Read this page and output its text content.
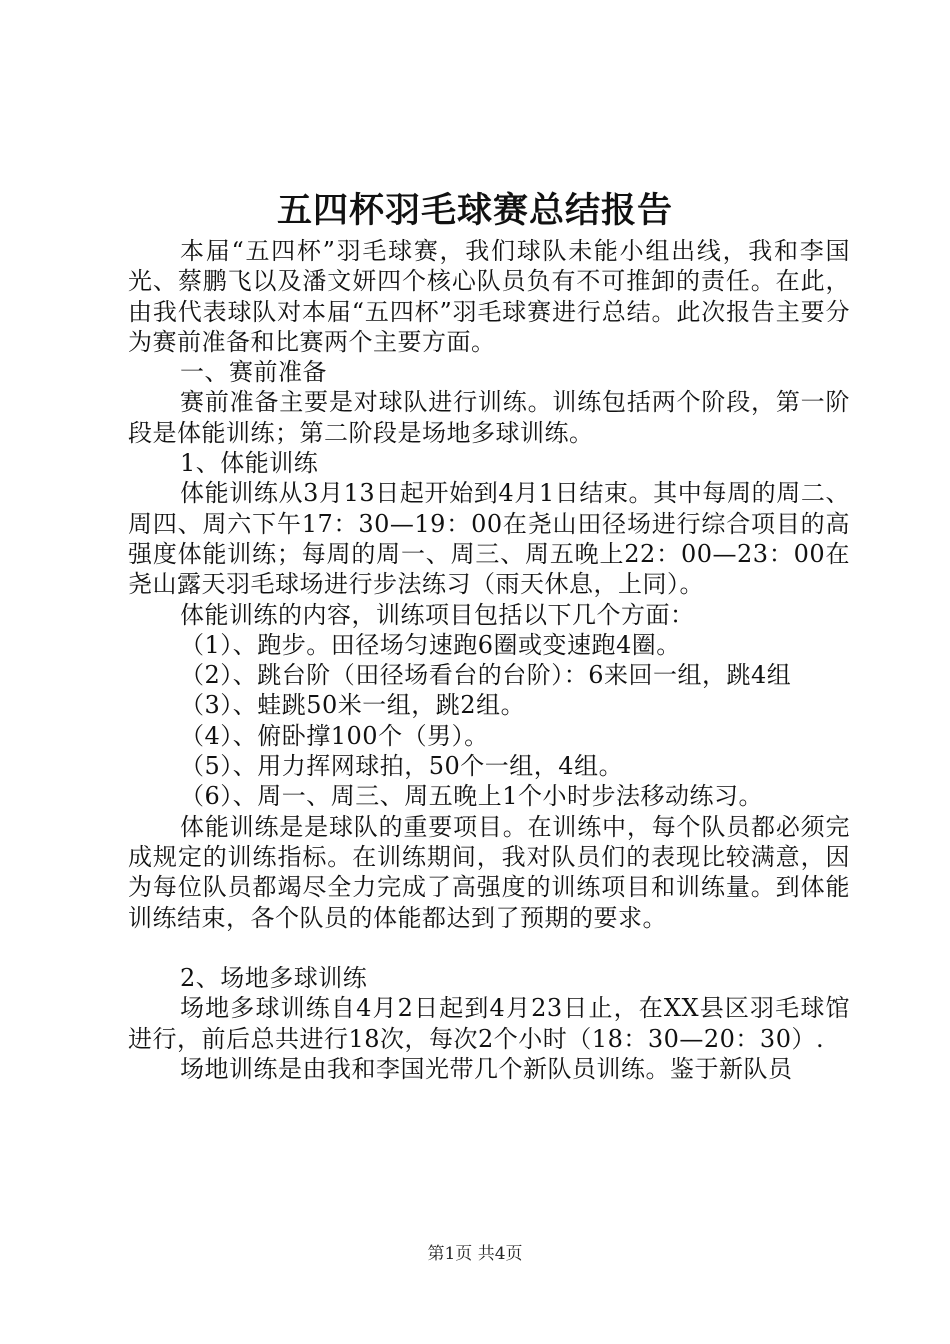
五四杯羽毛球赛总结报告

本届“五四杯”羽毛球赛，我们球队未能小组出线，我和李国光、蔡鹏飞以及潘文妍四个核心队员负有不可推卸的责任。在此，由我代表球队对本届“五四杯”羽毛球赛进行总结。此次报告主要分为赛前准备和比赛两个主要方面。

一、赛前准备

赛前准备主要是对球队进行训练。训练包括两个阶段，第一阶段是体能训练；第二阶段是场地多球训练。

1、体能训练

体能训练从3月13日起开始到4月1日结束。其中每周的周二、周四、周六下午17：30—19：00在尧山田径场进行综合项目的高强度体能训练；每周的周一、周三、周五晚上22：00—23：00在尧山露天羽毛球场进行步法练习（雨天休息，上同）。

体能训练的内容，训练项目包括以下几个方面：

（1）、跑步。田径场匀速跑6圈或变速跑4圈。

（2）、跳台阶（田径场看台的台阶）：6来回一组，跳4组

（3）、蛙跳50米一组，跳2组。

（4）、俯卧撑100个（男）。

（5）、用力挥网球拍，50个一组，4组。

（6）、周一、周三、周五晚上1个小时步法移动练习。

体能训练是是球队的重要项目。在训练中，每个队员都必须完成规定的训练指标。在训练期间，我对队员们的表现比较满意，因为每位队员都竭尽全力完成了高强度的训练项目和训练量。到体能训练结束，各个队员的体能都达到了预期的要求。

2、场地多球训练

场地多球训练自4月2日起到4月23日止，在XX县区羽毛球馆进行，前后总共进行18次，每次2个小时（18：30—20：30）.

场地训练是由我和李国光带几个新队员训练。鉴于新队员

第1页 共4页
